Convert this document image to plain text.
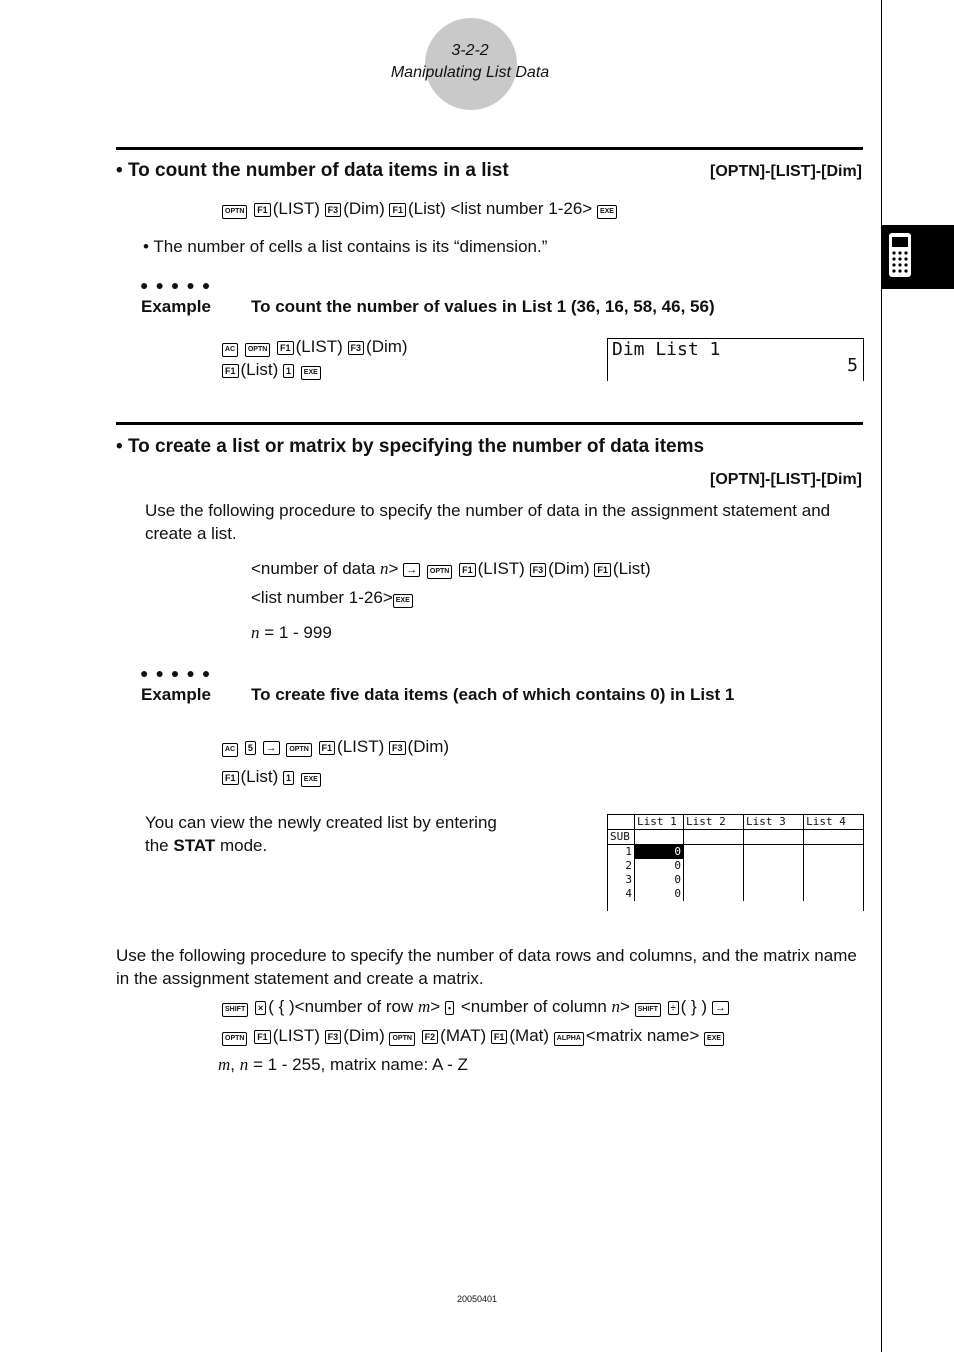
3-2-2
Manipulating List Data
• To count the number of data items in a list	[OPTN]-[LIST]-[Dim]
OPTN F1 (LIST) F3 (Dim) F1 (List) <list number 1-26> EXE
• The number of cells a list contains is its “dimension.”
●●●●●
Example To count the number of values in List 1 (36, 16, 58, 46, 56)
AC OPTN F1 (LIST) F3 (Dim)
F1 (List) 1 EXE
Dim List 1
5
• To create a list or matrix by specifying the number of data items
[OPTN]-[LIST]-[Dim]
Use the following procedure to specify the number of data in the assignment statement and create a list.
<number of data n> → OPTN F1 (LIST) F3 (Dim) F1 (List)
<list number 1-26> EXE
n = 1 - 999
●●●●●
Example To create five data items (each of which contains 0) in List 1
AC 5 → OPTN F1 (LIST) F3 (Dim)
F1 (List) 1 EXE
You can view the newly created list by entering
the STAT mode.
	List 1	List 2	List 3	List 4
SUB				
1	0			
2	0			
3	0			
4	0			
Use the following procedure to specify the number of data rows and columns, and the matrix name in the assignment statement and create a matrix.
SHIFT × ( { )<number of row m> • <number of column n> SHIFT ÷ ( } ) →
OPTN F1 (LIST) F3 (Dim) OPTN F2 (MAT) F1 (Mat) ALPHA <matrix name> EXE
m, n = 1 - 255, matrix name: A - Z
20050401
